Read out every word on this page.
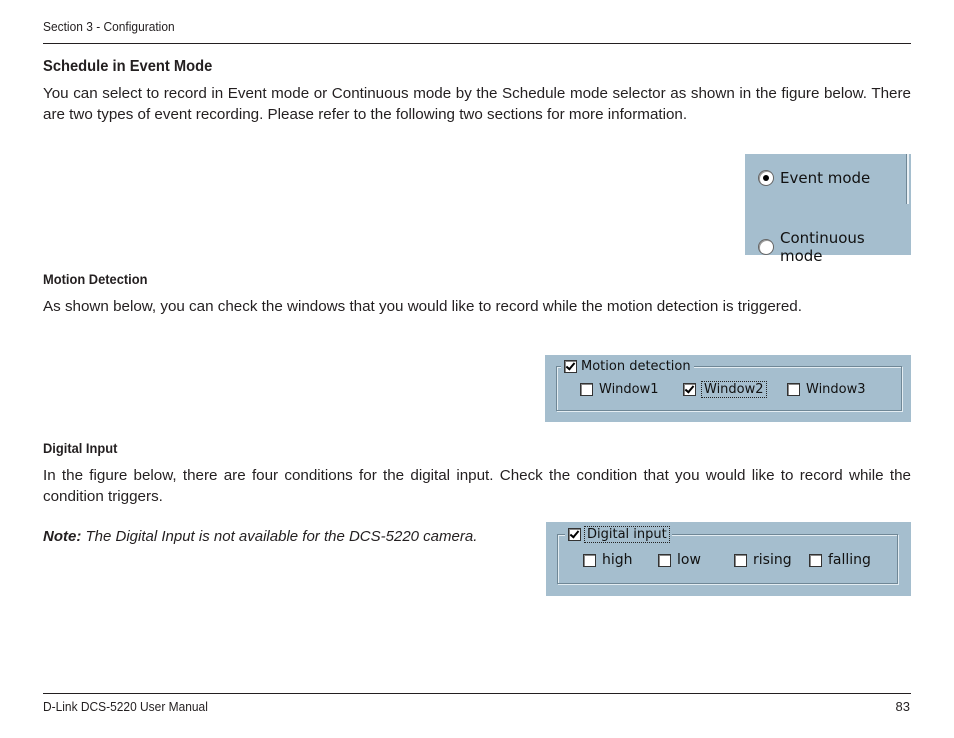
Section 3 - Configuration
Schedule in Event Mode
You can select to record in Event mode or Continuous mode by the Schedule mode selector as shown in the figure below. There are two types of event recording. Please refer to the following two sections for more information.
Event mode
Continuous mode
Motion Detection
As shown below, you can check the windows that you would like to record while the motion detection is triggered.
Motion detection
Window1	Window2	Window3
Digital Input
In the figure below, there are four conditions for the digital input. Check the condition that you would like to record while the condition triggers.
Note: The Digital Input is not available for the DCS-5220 camera.	Digital input
high	low	rising	falling
D-Link DCS-5220 User Manual	83
